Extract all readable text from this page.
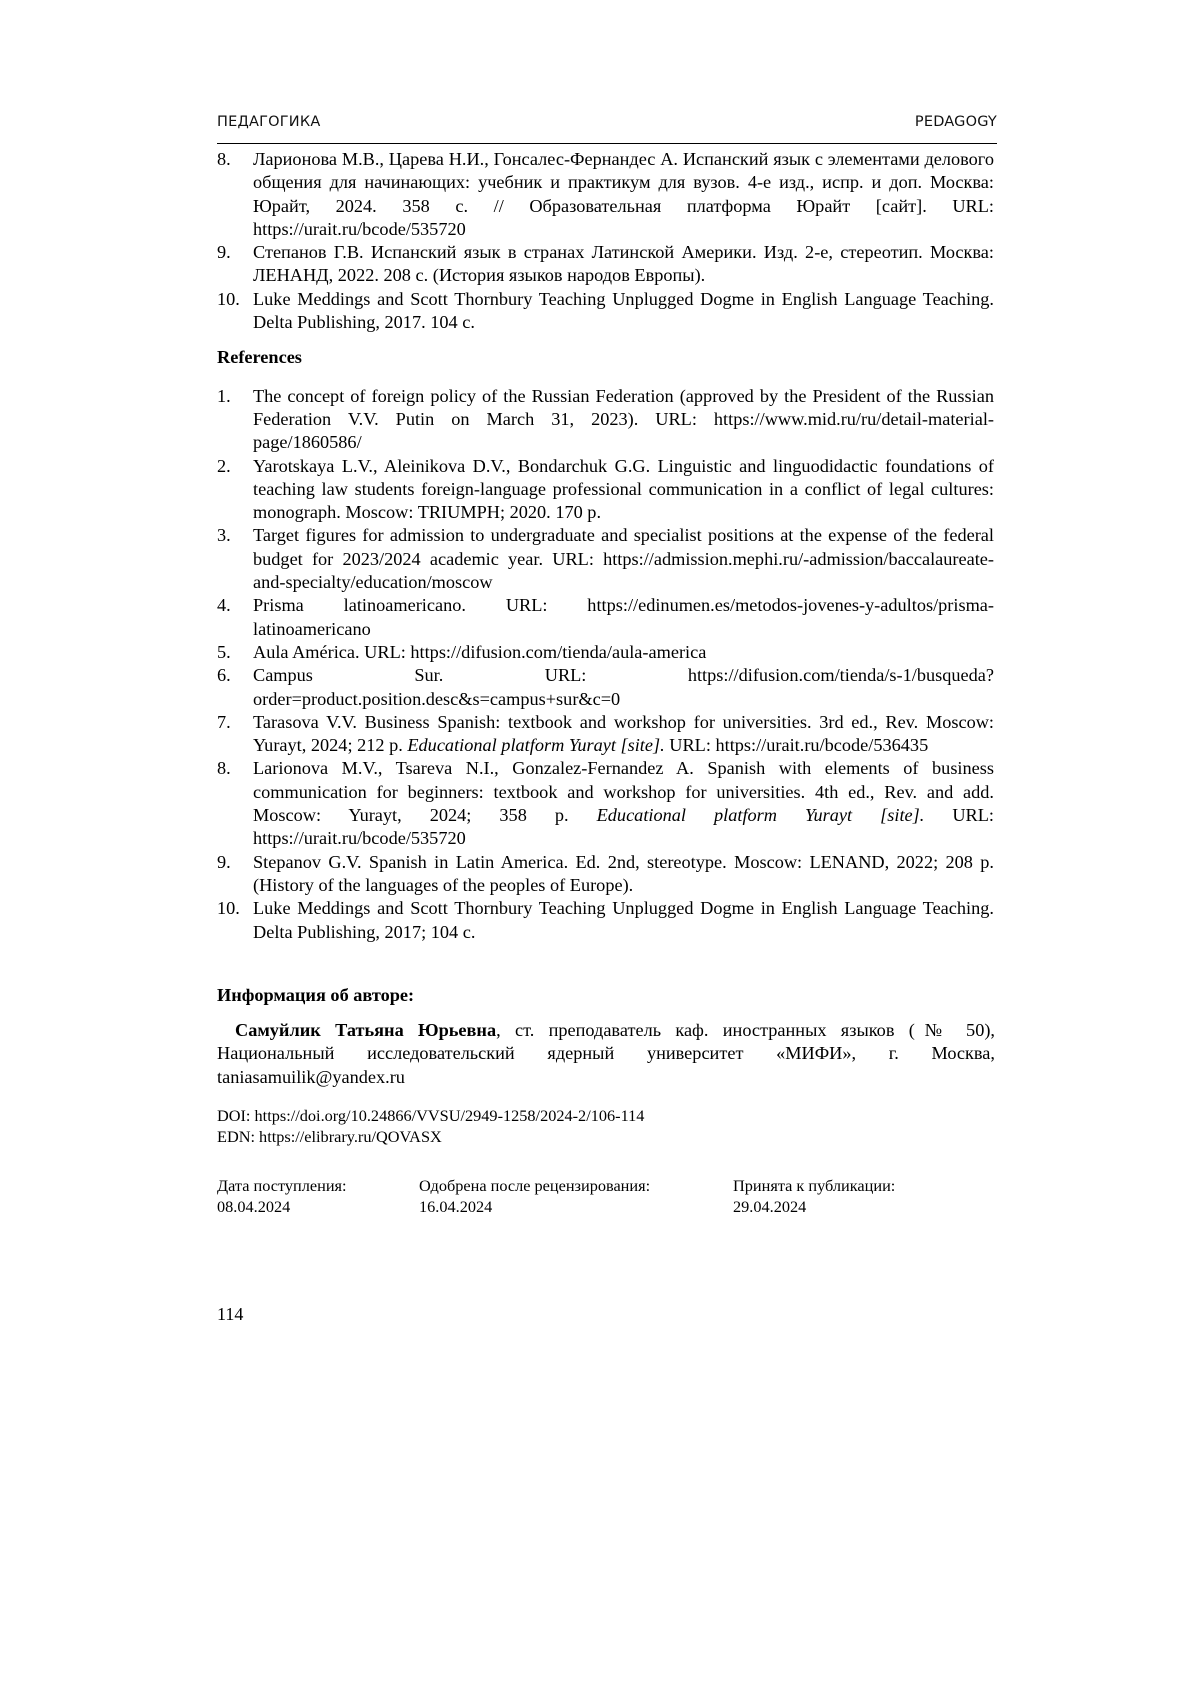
ПЕДАГОГИКА	PEDAGOGY
8. Ларионова М.В., Царева Н.И., Гонсалес-Фернандес А. Испанский язык с элементами делового общения для начинающих: учебник и практикум для вузов. 4-е изд., испр. и доп. Москва: Юрайт, 2024. 358 с. // Образовательная платформа Юрайт [сайт]. URL: https://urait.ru/bcode/535720
9. Степанов Г.В. Испанский язык в странах Латинской Америки. Изд. 2-е, стереотип. Москва: ЛЕНАНД, 2022. 208 с. (История языков народов Европы).
10. Luke Meddings and Scott Thornbury Teaching Unplugged Dogme in English Language Teaching. Delta Publishing, 2017. 104 с.
References
1. The concept of foreign policy of the Russian Federation (approved by the President of the Russian Federation V.V. Putin on March 31, 2023). URL: https://www.mid.ru/ru/detail-material-page/1860586/
2. Yarotskaya L.V., Aleinikova D.V., Bondarchuk G.G. Linguistic and linguodidactic foundations of teaching law students foreign-language professional communication in a conflict of legal cultures: monograph. Moscow: TRIUMPH; 2020. 170 p.
3. Target figures for admission to undergraduate and specialist positions at the expense of the federal budget for 2023/2024 academic year. URL: https://admission.mephi.ru/-admission/baccalaureate-and-specialty/education/moscow
4. Prisma latinoamericano. URL: https://edinumen.es/metodos-jovenes-y-adultos/prisma-latinoamericano
5. Aula América. URL: https://difusion.com/tienda/aula-america
6. Campus Sur. URL: https://difusion.com/tienda/s-1/busqueda?order=product.position.desc&s=campus+sur&c=0
7. Tarasova V.V. Business Spanish: textbook and workshop for universities. 3rd ed., Rev. Moscow: Yurayt, 2024; 212 p. Educational platform Yurayt [site]. URL: https://urait.ru/bcode/536435
8. Larionova M.V., Tsareva N.I., Gonzalez-Fernandez A. Spanish with elements of business communication for beginners: textbook and workshop for universities. 4th ed., Rev. and add. Moscow: Yurayt, 2024; 358 p. Educational platform Yurayt [site]. URL: https://urait.ru/bcode/535720
9. Stepanov G.V. Spanish in Latin America. Ed. 2nd, stereotype. Moscow: LENAND, 2022; 208 p. (History of the languages of the peoples of Europe).
10. Luke Meddings and Scott Thornbury Teaching Unplugged Dogme in English Language Teaching. Delta Publishing, 2017; 104 с.
Информация об авторе:
Самуйлик Татьяна Юрьевна, ст. преподаватель каф. иностранных языков (№ 50), Национальный исследовательский ядерный университет «МИФИ», г. Москва, taniasamuilik@yandex.ru
DOI: https://doi.org/10.24866/VVSU/2949-1258/2024-2/106-114
EDN: https://elibrary.ru/QOVASX
Дата поступления:
08.04.2024
Одобрена после рецензирования:
16.04.2024
Принята к публикации:
29.04.2024
114
